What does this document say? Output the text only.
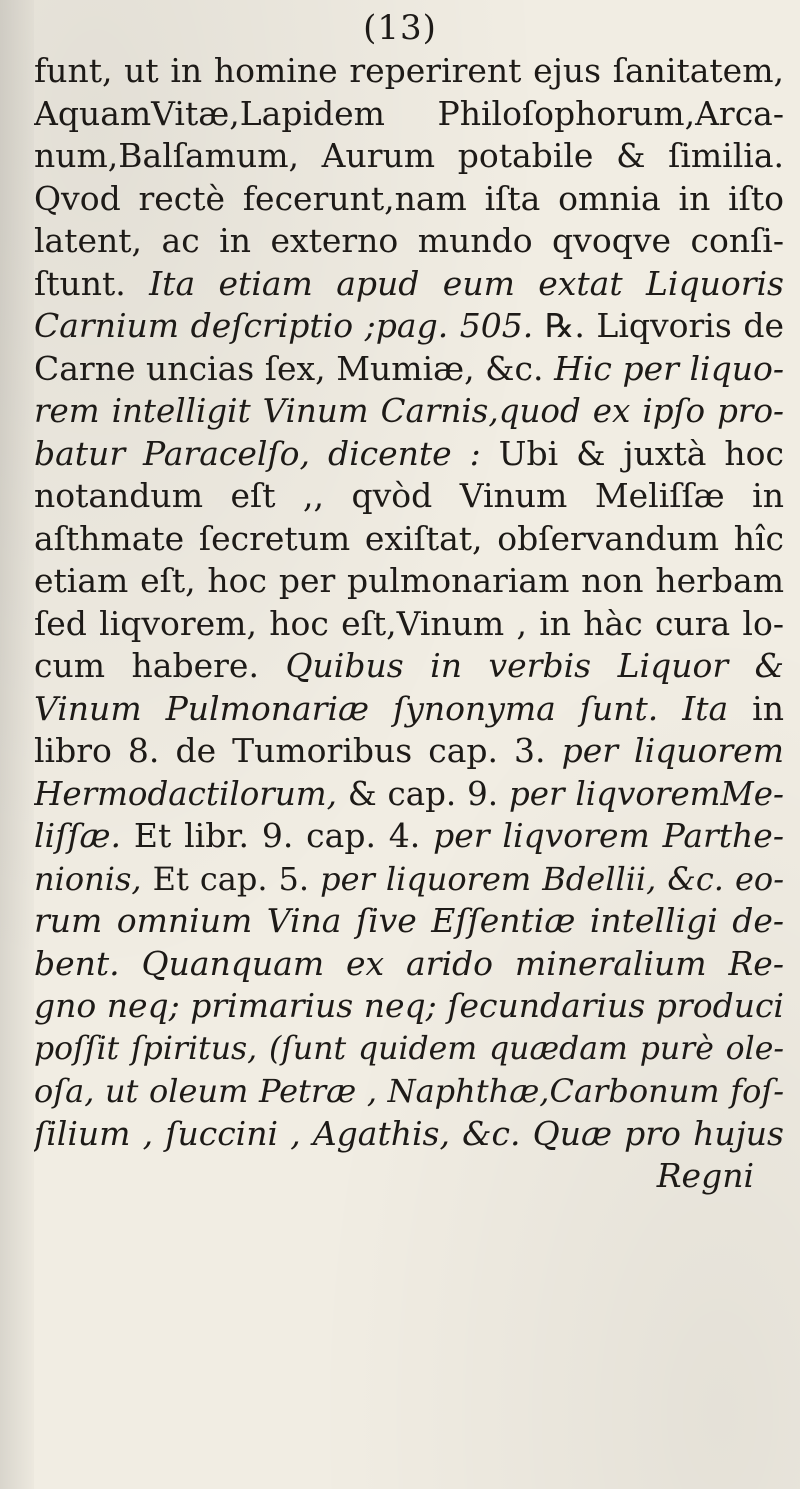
(13)
funt, ut in homine reperirent ejus ſanitatem,
AquamVitæ,Lapidem Philoſophorum,Arca-
num,Balſamum, Aurum potabile & ſimilia.
Qvod rectè fecerunt,nam iſta omnia in iſto
latent, ac in externo mundo qvoqve conſi-
ſtunt. Ita etiam apud eum extat Liquoris
Carnium deſcriptio ;pag. 505. ℞. Liqvoris de
Carne uncias ſex, Mumiæ, &c. Hic per liquo-
rem intelligit Vinum Carnis,quod ex ipſo pro-
batur Paracelſo, dicente : Ubi & juxtà hoc
notandum eſt ,, qvòd Vinum Meliſſæ in
aſthmate ſecretum exiſtat, obſervandum hîc
etiam eſt, hoc per pulmonariam non herbam
ſed liqvorem, hoc eſt,Vinum , in hàc cura lo-
cum habere. Quibus in verbis Liquor &
Vinum Pulmonariæ ſynonyma ſunt. Ita in
libro 8. de Tumoribus cap. 3. per liquorem
Hermodactilorum, & cap. 9. per liqvoremMe-
liſſæ. Et libr. 9. cap. 4. per liqvorem Parthe-
nionis, Et cap. 5. per liquorem Bdellii, &c. eo-
rum omnium Vina ſive Eſſentiæ intelligi de-
bent. Quanquam ex arido mineralium Re-
gno neq; primarius neq; ſecundarius produci
poſſit ſpiritus, (ſunt quidem quædam purè ole-
oſa, ut oleum Petræ , Naphthæ,Carbonum foſ-
ſilium , ſuccini , Agathis, &c. Quæ pro hujus
Regni
